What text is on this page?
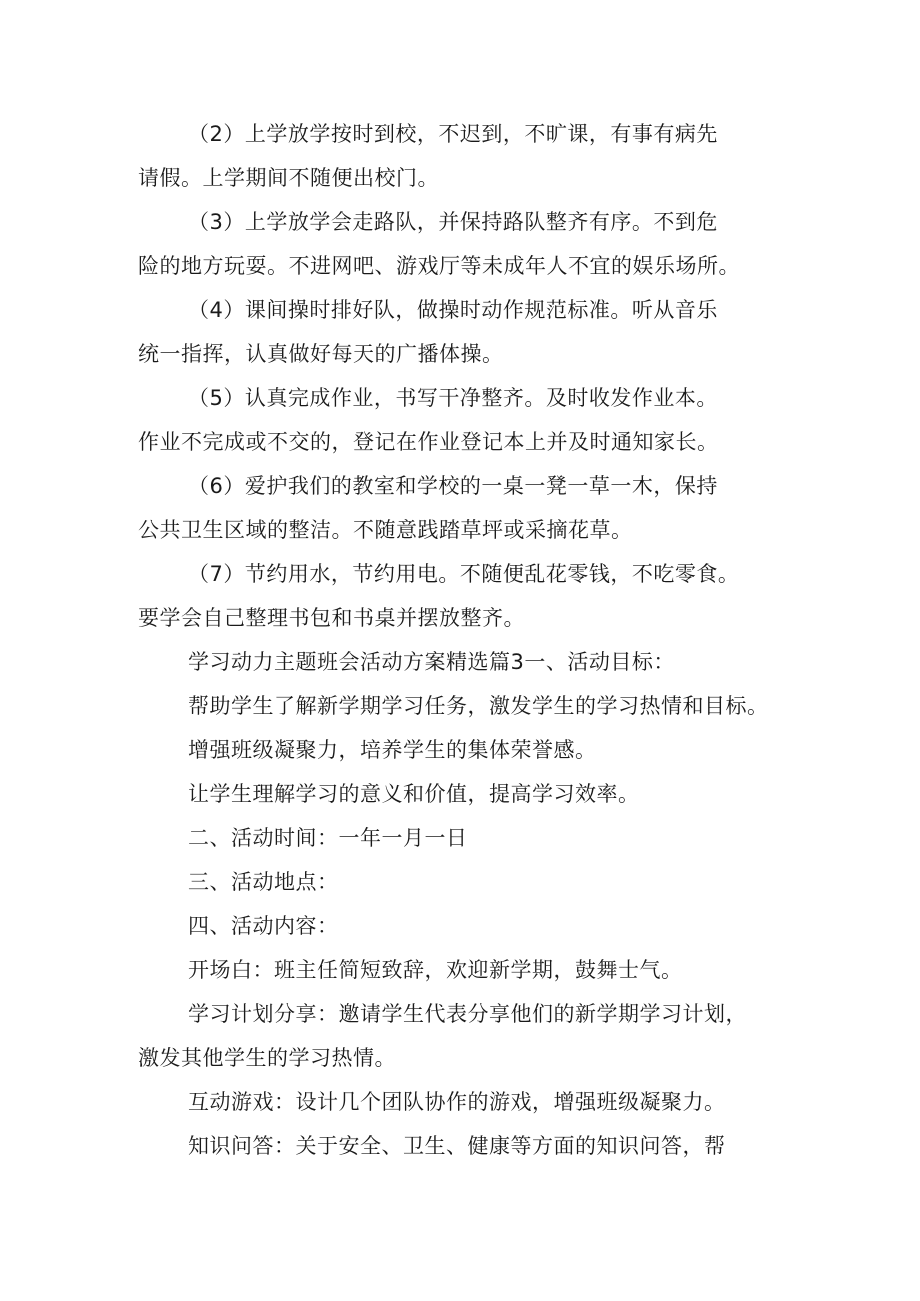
（2）上学放学按时到校，不迟到，不旷课，有事有病先
请假。上学期间不随便出校门。
（3）上学放学会走路队，并保持路队整齐有序。不到危
险的地方玩耍。不进网吧、游戏厅等未成年人不宜的娱乐场所。
（4）课间操时排好队，做操时动作规范标准。听从音乐
统一指挥，认真做好每天的广播体操。
（5）认真完成作业，书写干净整齐。及时收发作业本。
作业不完成或不交的，登记在作业登记本上并及时通知家长。
（6）爱护我们的教室和学校的一桌一凳一草一木，保持
公共卫生区域的整洁。不随意践踏草坪或采摘花草。
（7）节约用水，节约用电。不随便乱花零钱，不吃零食。
要学会自己整理书包和书桌并摆放整齐。
学习动力主题班会活动方案精选篇3一、活动目标：
帮助学生了解新学期学习任务，激发学生的学习热情和目标。
增强班级凝聚力，培养学生的集体荣誉感。
让学生理解学习的意义和价值，提高学习效率。
二、活动时间：一年一月一日
三、活动地点：
四、活动内容：
开场白：班主任简短致辞，欢迎新学期，鼓舞士气。
学习计划分享：邀请学生代表分享他们的新学期学习计划，
激发其他学生的学习热情。
互动游戏：设计几个团队协作的游戏，增强班级凝聚力。
知识问答：关于安全、卫生、健康等方面的知识问答，帮
